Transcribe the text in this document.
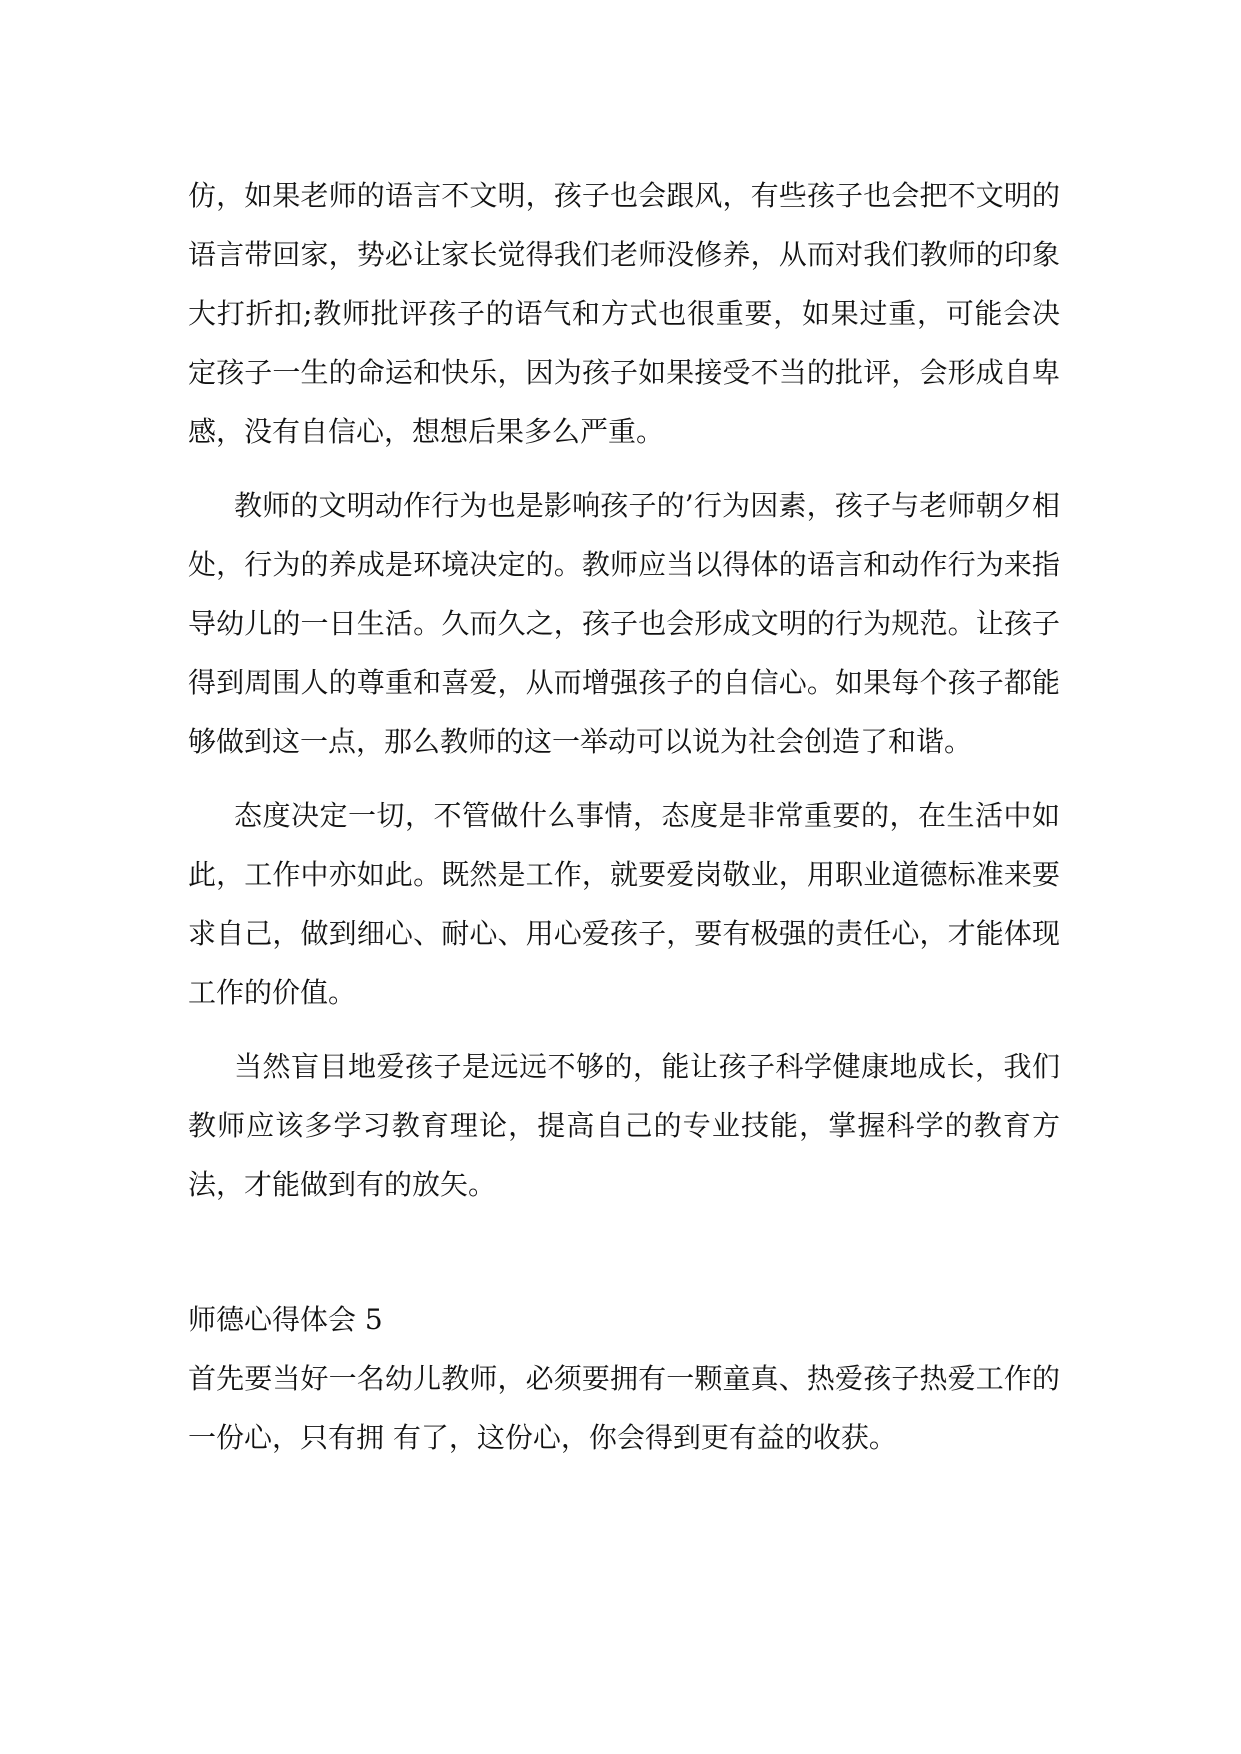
仿，如果老师的语言不文明，孩子也会跟风，有些孩子也会把不文明的语言带回家，势必让家长觉得我们老师没修养，从而对我们教师的印象大打折扣;教师批评孩子的语气和方式也很重要，如果过重，可能会决定孩子一生的命运和快乐，因为孩子如果接受不当的批评，会形成自卑感，没有自信心，想想后果多么严重。

教师的文明动作行为也是影响孩子的’行为因素，孩子与老师朝夕相处，行为的养成是环境决定的。教师应当以得体的语言和动作行为来指导幼儿的一日生活。久而久之，孩子也会形成文明的行为规范。让孩子得到周围人的尊重和喜爱，从而增强孩子的自信心。如果每个孩子都能够做到这一点，那么教师的这一举动可以说为社会创造了和谐。

态度决定一切，不管做什么事情，态度是非常重要的，在生活中如此，工作中亦如此。既然是工作，就要爱岗敬业，用职业道德标准来要求自己，做到细心、耐心、用心爱孩子，要有极强的责任心，才能体现工作的价值。

当然盲目地爱孩子是远远不够的，能让孩子科学健康地成长，我们教师应该多学习教育理论，提高自己的专业技能，掌握科学的教育方法，才能做到有的放矢。

师德心得体会 5

首先要当好一名幼儿教师，必须要拥有一颗童真、热爱孩子热爱工作的一份心，只有拥 有了，这份心，你会得到更有益的收获。
